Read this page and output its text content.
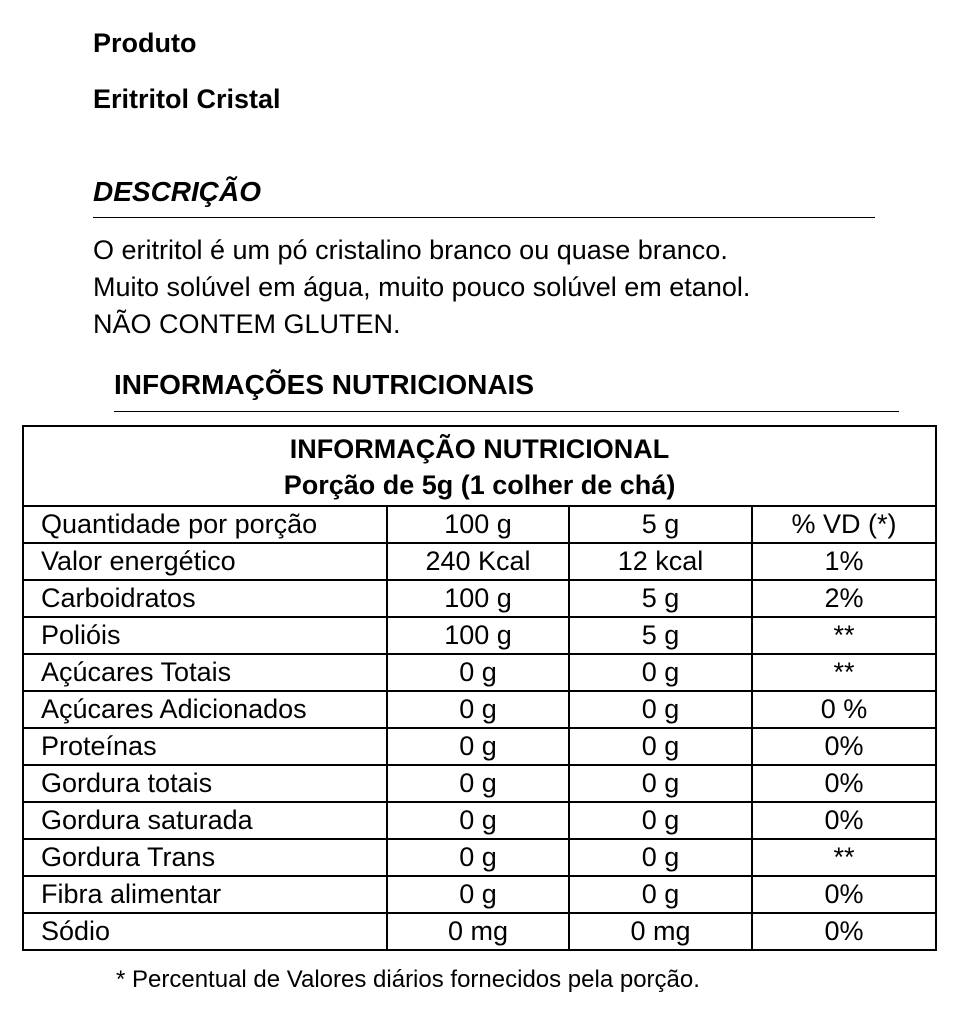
Produto
Eritritol Cristal
DESCRIÇÃO
O eritritol é um pó cristalino branco ou quase branco.
Muito solúvel em água, muito pouco solúvel em etanol.
NÃO CONTEM GLUTEN.
INFORMAÇÕES NUTRICIONAIS
INFORMAÇÃO NUTRICIONAL
Porção de 5g (1 colher de chá)			

Quantidade por porção	100 g	5 g	% VD (*)
Valor energético	240 Kcal	12 kcal	1%
Carboidratos	100 g	5 g	2%
Polióis	100 g	5 g	**
Açúcares Totais	0 g	0 g	**
Açúcares Adicionados	0 g	0 g	0 %
Proteínas	0 g	0 g	0%
Gordura totais	0 g	0 g	0%
Gordura saturada	0 g	0 g	0%
Gordura Trans	0 g	0 g	**
Fibra alimentar	0 g	0 g	0%
Sódio	0 mg	0 mg	0%
* Percentual de Valores diários fornecidos pela porção.
